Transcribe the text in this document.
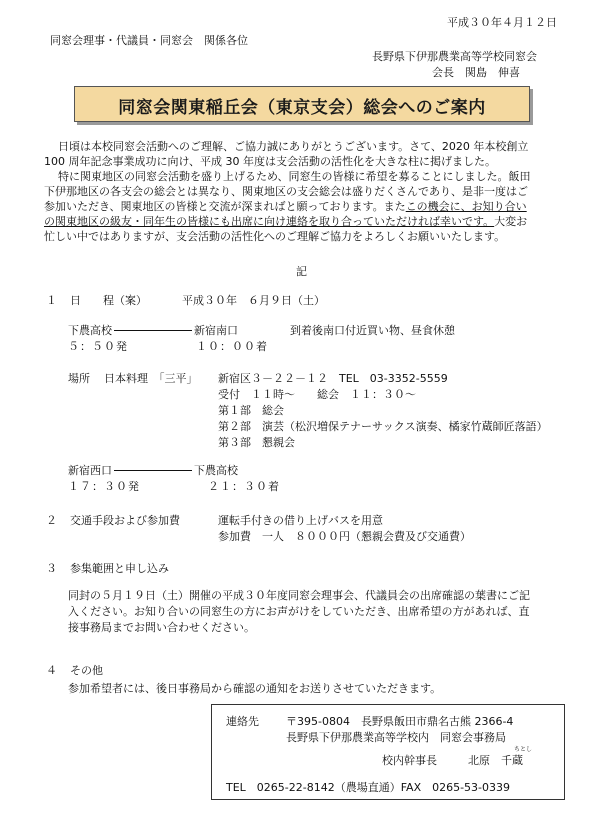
平成３０年４月１２日
同窓会理事・代議員・同窓会　関係各位
長野県下伊那農業高等学校同窓会
会長　関島　伸喜
同窓会関東稲丘会（東京支会）総会へのご案内
日頃は本校同窓会活動へのご理解、ご協力誠にありがとうございます。さて、2020 年本校創立
100 周年記念事業成功に向け、平成 30 年度は支会活動の活性化を大きな柱に掲げました。
特に関東地区の同窓会活動を盛り上げるため、同窓生の皆様に希望を募ることにしました。飯田
下伊那地区の各支会の総会とは異なり、関東地区の支会総会は盛りだくさんであり、是非一度はご
参加いただき、関東地区の皆様と交流が深まればと願っております。またこの機会に、お知り合い
の関東地区の級友・同年生の皆様にも出席に向け連絡を取り合っていただければ幸いです。大変お
忙しい中ではありますが、支会活動の活性化へのご理解ご協力をよろしくお願いいたします。
記
１ 日　　程（案）	平成３０年　６月９日（土）
下農高校	新宿南口	到着後南口付近買い物、昼食休憩
５：５０発	１０：００着
場所 日本料理　「三平」 新宿区３－２２－１２　TEL　03-3352-5559
受付　１１時～　　総会　１１：３０～
第１部　総会
第２部　演芸（松沢増保テナーサックス演奏、橘家竹蔵師匠落語）
第３部　懇親会
新宿西口	下農高校
１７：３０発	２１：３０着
２ 交通手段および参加費	運転手付きの借り上げバスを用意
参加費　一人　８０００円（懇親会費及び交通費）
３ 参集範囲と申し込み
同封の５月１９日（土）開催の平成３０年度同窓会理事会、代議員会の出席確認の葉書にご記
入ください。お知り合いの同窓生の方にお声がけをしていただき、出席希望の方があれば、直
接事務局までお問い合わせください。
４ その他
参加希望者には、後日事務局から確認の通知をお送りさせていただきます。
連絡先 〒395-0804　長野県飯田市鼎名古熊 2366-4
長野県下伊那農業高等学校内　同窓会事務局
校内幹事長
ちとし
北原　千蔵
TEL　0265-22-8142（農場直通）FAX　0265-53-0339
